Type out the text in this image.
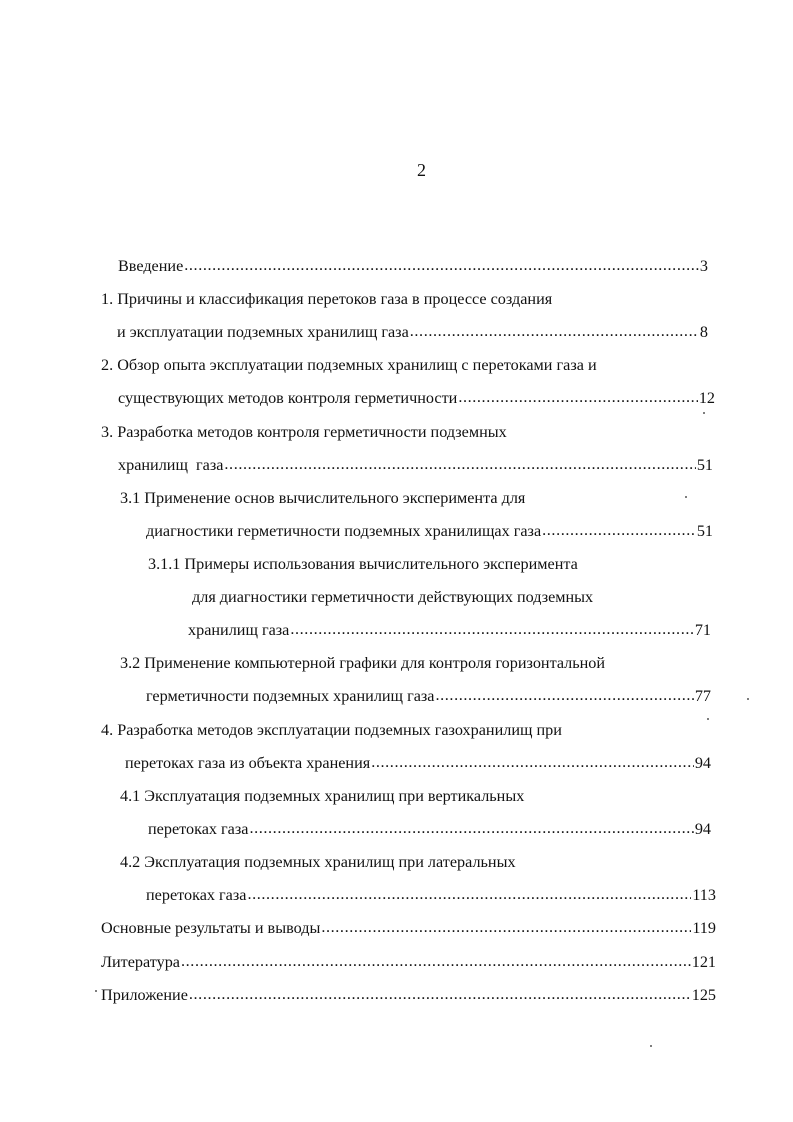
2
Введение .....	3
1. Причины и классификация перетоков газа в процессе создания
и эксплуатации подземных хранилищ газа .....	8
2. Обзор опыта эксплуатации подземных хранилищ с перетоками газа и
существующих методов контроля герметичности .....	12
3. Разработка методов контроля герметичности подземных
хранилищ  газа .....	51
3.1 Применение основ вычислительного эксперимента для
диагностики герметичности подземных хранилищах газа .....	51
3.1.1 Примеры использования вычислительного эксперимента
для диагностики герметичности действующих подземных
хранилищ газа .....	71
3.2 Применение компьютерной графики для контроля горизонтальной
герметичности подземных хранилищ газа .....	77
4. Разработка методов эксплуатации подземных газохранилищ при
перетоках газа из объекта хранения .....	94
4.1 Эксплуатация подземных хранилищ при вертикальных
перетоках газа .....	94
4.2 Эксплуатация подземных хранилищ при латеральных
перетоках газа .....	113
Основные результаты и выводы .....	119
Литература .....	121
Приложение .....	125
